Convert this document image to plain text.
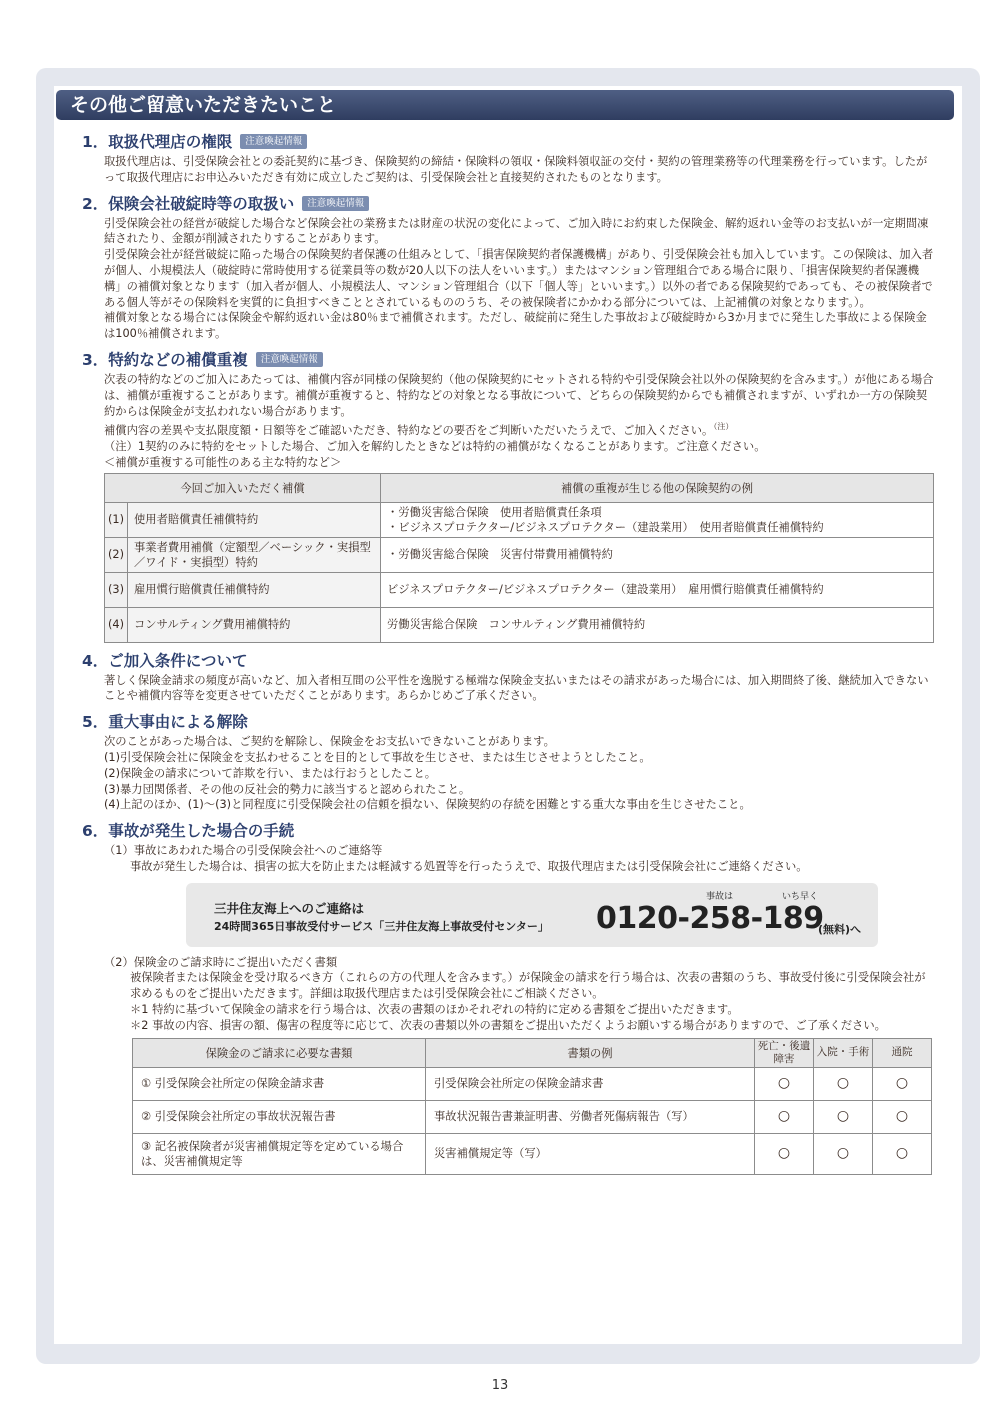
その他ご留意いただきたいこと
1．取扱代理店の権限 注意喚起情報
取扱代理店は、引受保険会社との委託契約に基づき、保険契約の締結・保険料の領収・保険料領収証の交付・契約の管理業務等の代理業務を行っています。したがって取扱代理店にお申込みいただき有効に成立したご契約は、引受保険会社と直接契約されたものとなります。
2．保険会社破綻時等の取扱い 注意喚起情報
引受保険会社の経営が破綻した場合など保険会社の業務または財産の状況の変化によって、ご加入時にお約束した保険金、解約返れい金等のお支払いが一定期間凍結されたり、金額が削減されたりすることがあります。
引受保険会社が経営破綻に陥った場合の保険契約者保護の仕組みとして、「損害保険契約者保護機構」があり、引受保険会社も加入しています。この保険は、加入者が個人、小規模法人（破綻時に常時使用する従業員等の数が20人以下の法人をいいます。）またはマンション管理組合である場合に限り、「損害保険契約者保護機構」の補償対象となります（加入者が個人、小規模法人、マンション管理組合（以下「個人等」といいます。）以外の者である保険契約であっても、その被保険者である個人等がその保険料を実質的に負担すべきこととされているもののうち、その被保険者にかかわる部分については、上記補償の対象となります。）。
補償対象となる場合には保険金や解約返れい金は80％まで補償されます。ただし、破綻前に発生した事故および破綻時から3か月までに発生した事故による保険金は100％補償されます。
3．特約などの補償重複 注意喚起情報
次表の特約などのご加入にあたっては、補償内容が同様の保険契約（他の保険契約にセットされる特約や引受保険会社以外の保険契約を含みます。）が他にある場合は、補償が重複することがあります。補償が重複すると、特約などの対象となる事故について、どちらの保険契約からでも補償されますが、いずれか一方の保険契約からは保険金が支払われない場合があります。
補償内容の差異や支払限度額・日額等をご確認いただき、特約などの要否をご判断いただいたうえで、ご加入ください。$^{(注)}$
（注）1契約のみに特約をセットした場合、ご加入を解約したときなどは特約の補償がなくなることがあります。ご注意ください。
＜補償が重複する可能性のある主な特約など＞
今回ご加入いただく補償		補償の重複が生じる他の保険契約の例
(1)	使用者賠償責任補償特約	・労働災害総合保険　使用者賠償責任条項
・ビジネスプロテクター/ビジネスプロテクター（建設業用）　使用者賠償責任補償特約

(2)	事業者費用補償（定額型／ベーシック・実損型／ワイド・実損型）特約	・労働災害総合保険　災害付帯費用補償特約
(3)	雇用慣行賠償責任補償特約	ビジネスプロテクター/ビジネスプロテクター（建設業用）　雇用慣行賠償責任補償特約
(4)	コンサルティング費用補償特約	労働災害総合保険　コンサルティング費用補償特約
4．ご加入条件について
著しく保険金請求の頻度が高いなど、加入者相互間の公平性を逸脱する極端な保険金支払いまたはその請求があった場合には、加入期間終了後、継続加入できないことや補償内容等を変更させていただくことがあります。あらかじめご了承ください。
5．重大事由による解除
次のことがあった場合は、ご契約を解除し、保険金をお支払いできないことがあります。
(1)引受保険会社に保険金を支払わせることを目的として事故を生じさせ、または生じさせようとしたこと。
(2)保険金の請求について詐欺を行い、または行おうとしたこと。
(3)暴力団関係者、その他の反社会的勢力に該当すると認められたこと。
(4)上記のほか、(1)～(3)と同程度に引受保険会社の信頼を損ない、保険契約の存続を困難とする重大な事由を生じさせたこと。
6．事故が発生した場合の手続
（1）事故にあわれた場合の引受保険会社へのご連絡等
事故が発生した場合は、損害の拡大を防止または軽減する処置等を行ったうえで、取扱代理店または引受保険会社にご連絡ください。
三井住友海上へのご連絡は
24時間365日事故受付サービス「三井住友海上事故受付センター」
事故は	いち早く
0120-258-189
(無料)へ
（2）保険金のご請求時にご提出いただく書類
被保険者または保険金を受け取るべき方（これらの方の代理人を含みます。）が保険金の請求を行う場合は、次表の書類のうち、事故受付後に引受保険会社が求めるものをご提出いただきます。詳細は取扱代理店または引受保険会社にご相談ください。
＊1 特約に基づいて保険金の請求を行う場合は、次表の書類のほかそれぞれの特約に定める書類をご提出いただきます。
＊2 事故の内容、損害の額、傷害の程度等に応じて、次表の書類以外の書類をご提出いただくようお願いする場合がありますので、ご了承ください。
保険金のご請求に必要な書類	書類の例	死亡・後遺障害	入院・手術	通院
① 引受保険会社所定の保険金請求書	引受保険会社所定の保険金請求書	○	○	○
② 引受保険会社所定の事故状況報告書	事故状況報告書兼証明書、労働者死傷病報告（写）	○	○	○
③ 記名被保険者が災害補償規定等を定めている場合は、災害補償規定等	災害補償規定等（写）	○	○	○
13
